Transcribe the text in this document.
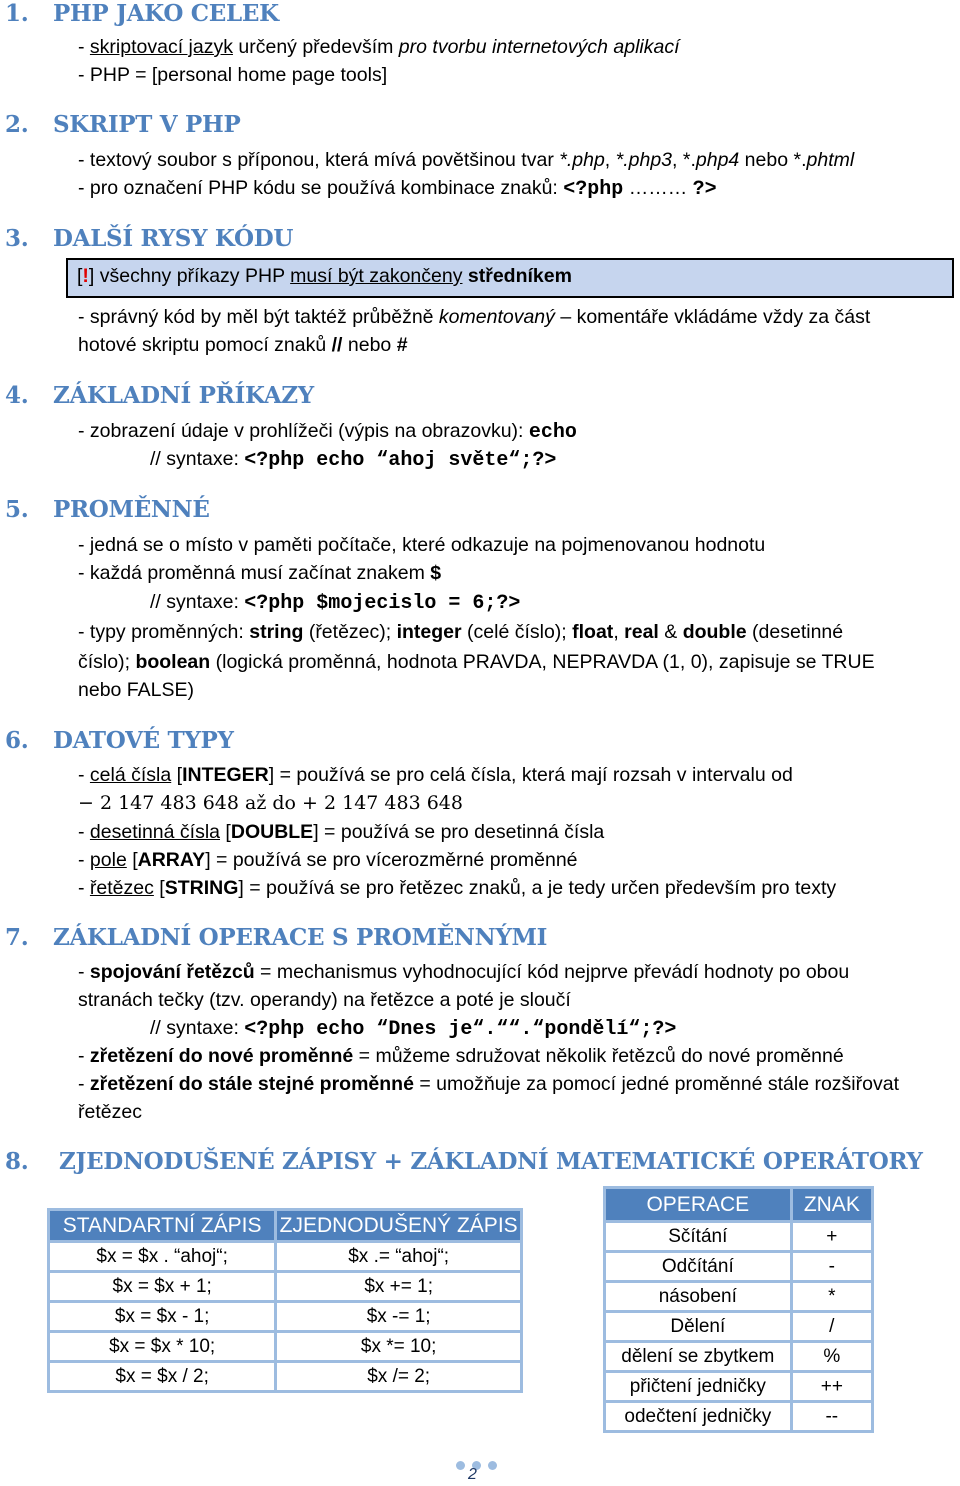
1. PHP JAKO CELEK
- skriptovací jazyk určený především pro tvorbu internetových aplikací
- PHP = [personal home page tools]
2. SKRIPT V PHP
- textový soubor s příponou, která mívá povětšinou tvar *.php, *.php3, *.php4 nebo *.phtml
- pro označení PHP kódu se používá kombinace znaků: <?php ……… ?>
3. DALŠÍ RYSY KÓDU
[!] všechny příkazy PHP musí být zakončeny středníkem
- správný kód by měl být taktéž průběžně komentovaný – komentáře vkládáme vždy za část
hotové skriptu pomocí znaků // nebo #
4. ZÁKLADNÍ PŘÍKAZY
- zobrazení údaje v prohlížeči (výpis na obrazovku): echo
// syntaxe: <?php echo “ahoj světe“;?>
5. PROMĚNNÉ
- jedná se o místo v paměti počítače, které odkazuje na pojmenovanou hodnotu
- každá proměnná musí začínat znakem $
// syntaxe: <?php $mojecislo = 6;?>
- typy proměnných: string (řetězec); integer (celé číslo); float, real & double (desetinné
číslo); boolean (logická proměnná, hodnota PRAVDA, NEPRAVDA (1, 0), zapisuje se TRUE
nebo FALSE)
6. DATOVÉ TYPY
- celá čísla [INTEGER] = používá se pro celá čísla, která mají rozsah v intervalu od
− 2 147 483 648 až do + 2 147 483 648
- desetinná čísla [DOUBLE] = používá se pro desetinná čísla
- pole [ARRAY] = používá se pro vícerozměrné proměnné
- řetězec [STRING] = používá se pro řetězec znaků, a je tedy určen především pro texty
7. ZÁKLADNÍ OPERACE S PROMĚNNÝMI
- spojování řetězců = mechanismus vyhodnocující kód nejprve převádí hodnoty po obou
stranách tečky (tzv. operandy) na řetězce a poté je sloučí
// syntaxe: <?php echo “Dnes je“.““.“pondělí“;?>
- zřetězení do nové proměnné = můžeme sdružovat několik řetězců do nové proměnné
- zřetězení do stále stejné proměnné = umožňuje za pomocí jedné proměnné stále rozšiřovat
řetězec
8. ZJEDNODUŠENÉ ZÁPISY + ZÁKLADNÍ MATEMATICKÉ OPERÁTORY
STANDARTNÍ ZÁPIS	ZJEDNODUŠENÝ ZÁPIS
$x = $x . “ahoj“;	$x .= “ahoj“;
$x = $x + 1;	$x += 1;
$x = $x - 1;	$x -= 1;
$x = $x * 10;	$x *= 10;
$x = $x / 2;	$x /= 2;
OPERACE	ZNAK
Sčítání	+
Odčítání	-
násobení	*
Dělení	/
dělení se zbytkem	%
přičtení jedničky	++
odečtení jedničky	--
2
